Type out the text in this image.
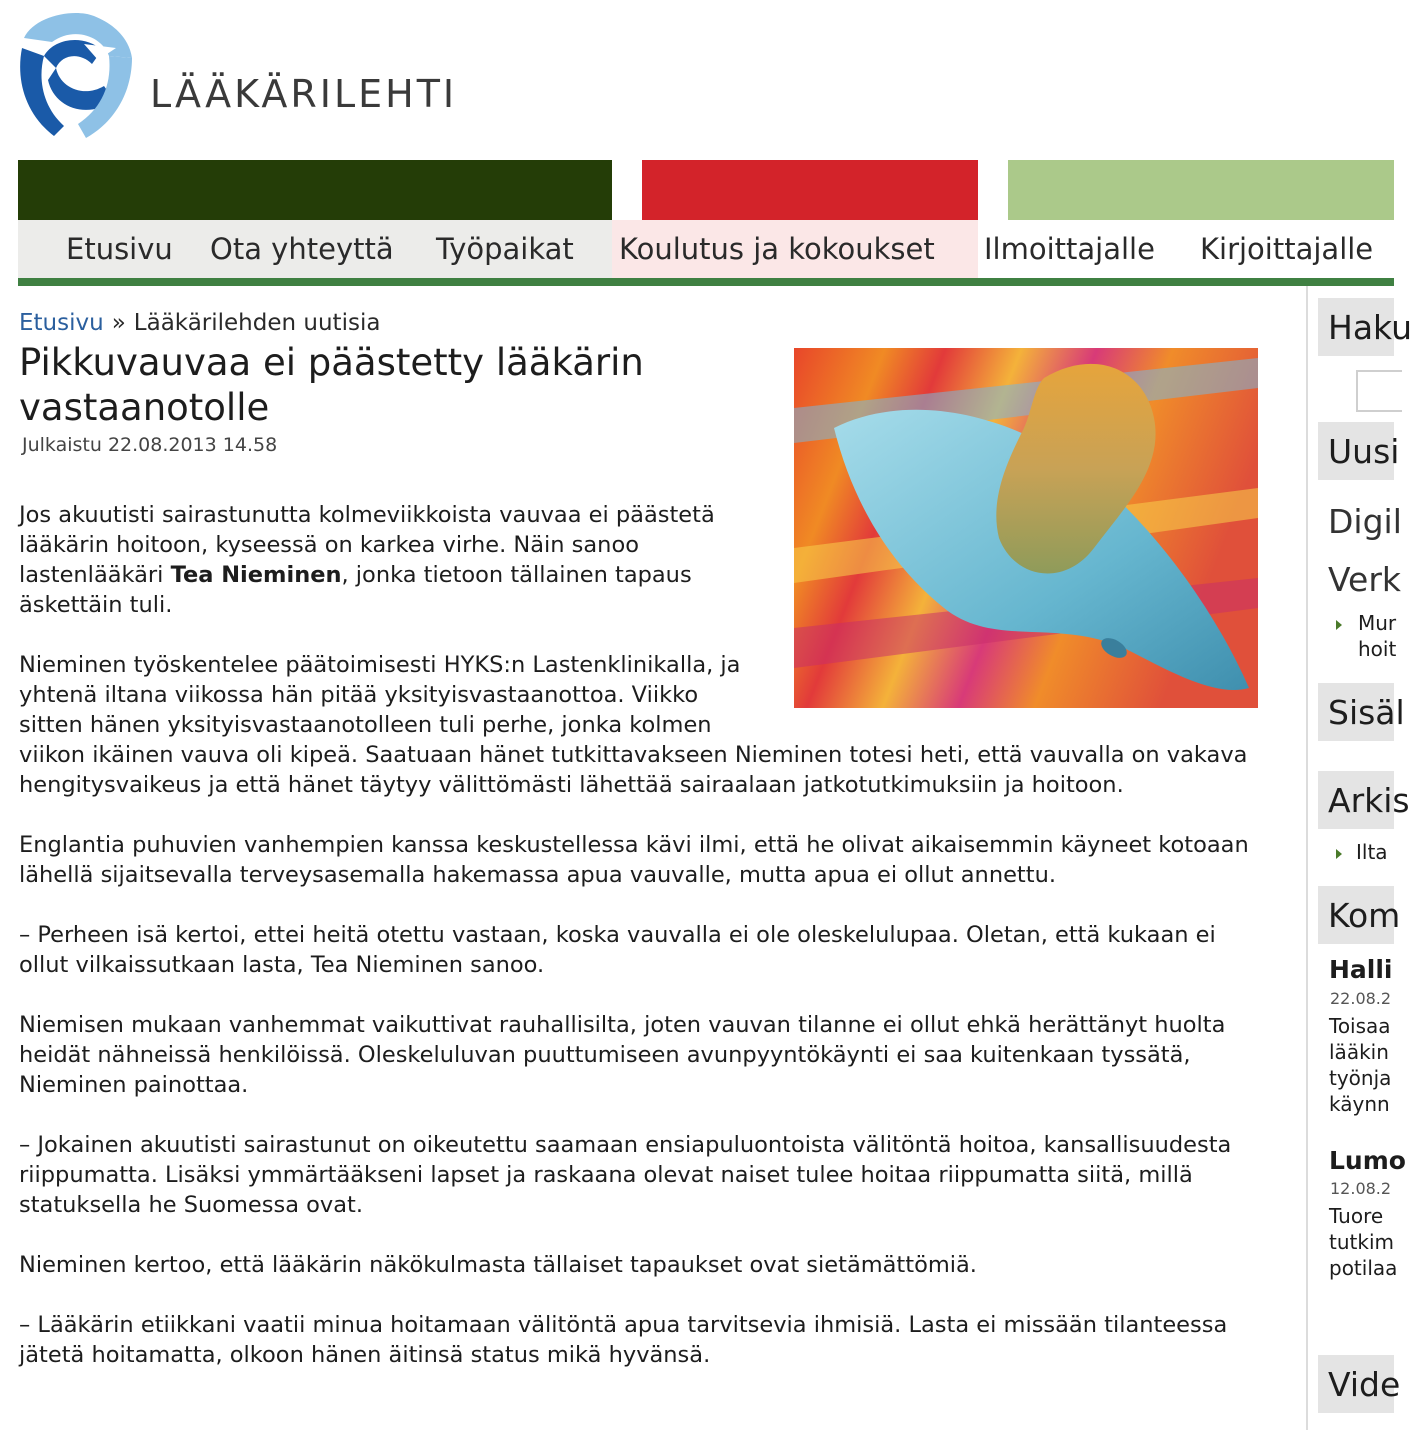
LÄÄKÄRILEHTI
Etusivu Ota yhteyttä Työpaikat Koulutus ja kokoukset Ilmoittajalle Kirjoittajalle
Etusivu » Lääkärilehden uutisia
Pikkuvauvaa ei päästetty lääkärin vastaanotolle
Julkaistu 22.08.2013 14.58

Jos akuutisti sairastunutta kolmeviikkoista vauvaa ei päästetä lääkärin hoitoon, kyseessä on karkea virhe. Näin sanoo lastenlääkäri Tea Nieminen, jonka tietoon tällainen tapaus äskettäin tuli.

Nieminen työskentelee päätoimisesti HYKS:n Lastenklinikalla, ja yhtenä iltana viikossa hän pitää yksityisvastaanottoa. Viikko sitten hänen yksityisvastaanotolleen tuli perhe, jonka kolmen viikon ikäinen vauva oli kipeä. Saatuaan hänet tutkittavakseen Nieminen totesi heti, että vauvalla on vakava hengitysvaikeus ja että hänet täytyy välittömästi lähettää sairaalaan jatkotutkimuksiin ja hoitoon.

Englantia puhuvien vanhempien kanssa keskustellessa kävi ilmi, että he olivat aikaisemmin käyneet kotoaan lähellä sijaitsevalla terveysasemalla hakemassa apua vauvalle, mutta apua ei ollut annettu.

– Perheen isä kertoi, ettei heitä otettu vastaan, koska vauvalla ei ole oleskelulupaa. Oletan, että kukaan ei ollut vilkaissutkaan lasta, Tea Nieminen sanoo.

Niemisen mukaan vanhemmat vaikuttivat rauhallisilta, joten vauvan tilanne ei ollut ehkä herättänyt huolta heidät nähneissä henkilöissä. Oleskeluluvan puuttumiseen avunpyyntökäynti ei saa kuitenkaan tyssätä, Nieminen painottaa.

– Jokainen akuutisti sairastunut on oikeutettu saamaan ensiapuluontoista välitöntä hoitoa, kansallisuudesta riippumatta. Lisäksi ymmärtääkseni lapset ja raskaana olevat naiset tulee hoitaa riippumatta siitä, millä statuksella he Suomessa ovat.

Nieminen kertoo, että lääkärin näkökulmasta tällaiset tapaukset ovat sietämättömiä.

– Lääkärin etiikkani vaatii minua hoitamaan välitöntä apua tarvitsevia ihmisiä. Lasta ei missään tilanteessa jätetä hoitamatta, olkoon hänen äitinsä status mikä hyvänsä.

Haku
Uusi
Digil
Verk
Mur
hoit
Sisäl
Arkis
Ilta
Kom
Halli
22.08.2
Toisaa
lääkin
työnja
käynn
Lumo
12.08.2
Tuore
tutkim
potilaa
Vide
